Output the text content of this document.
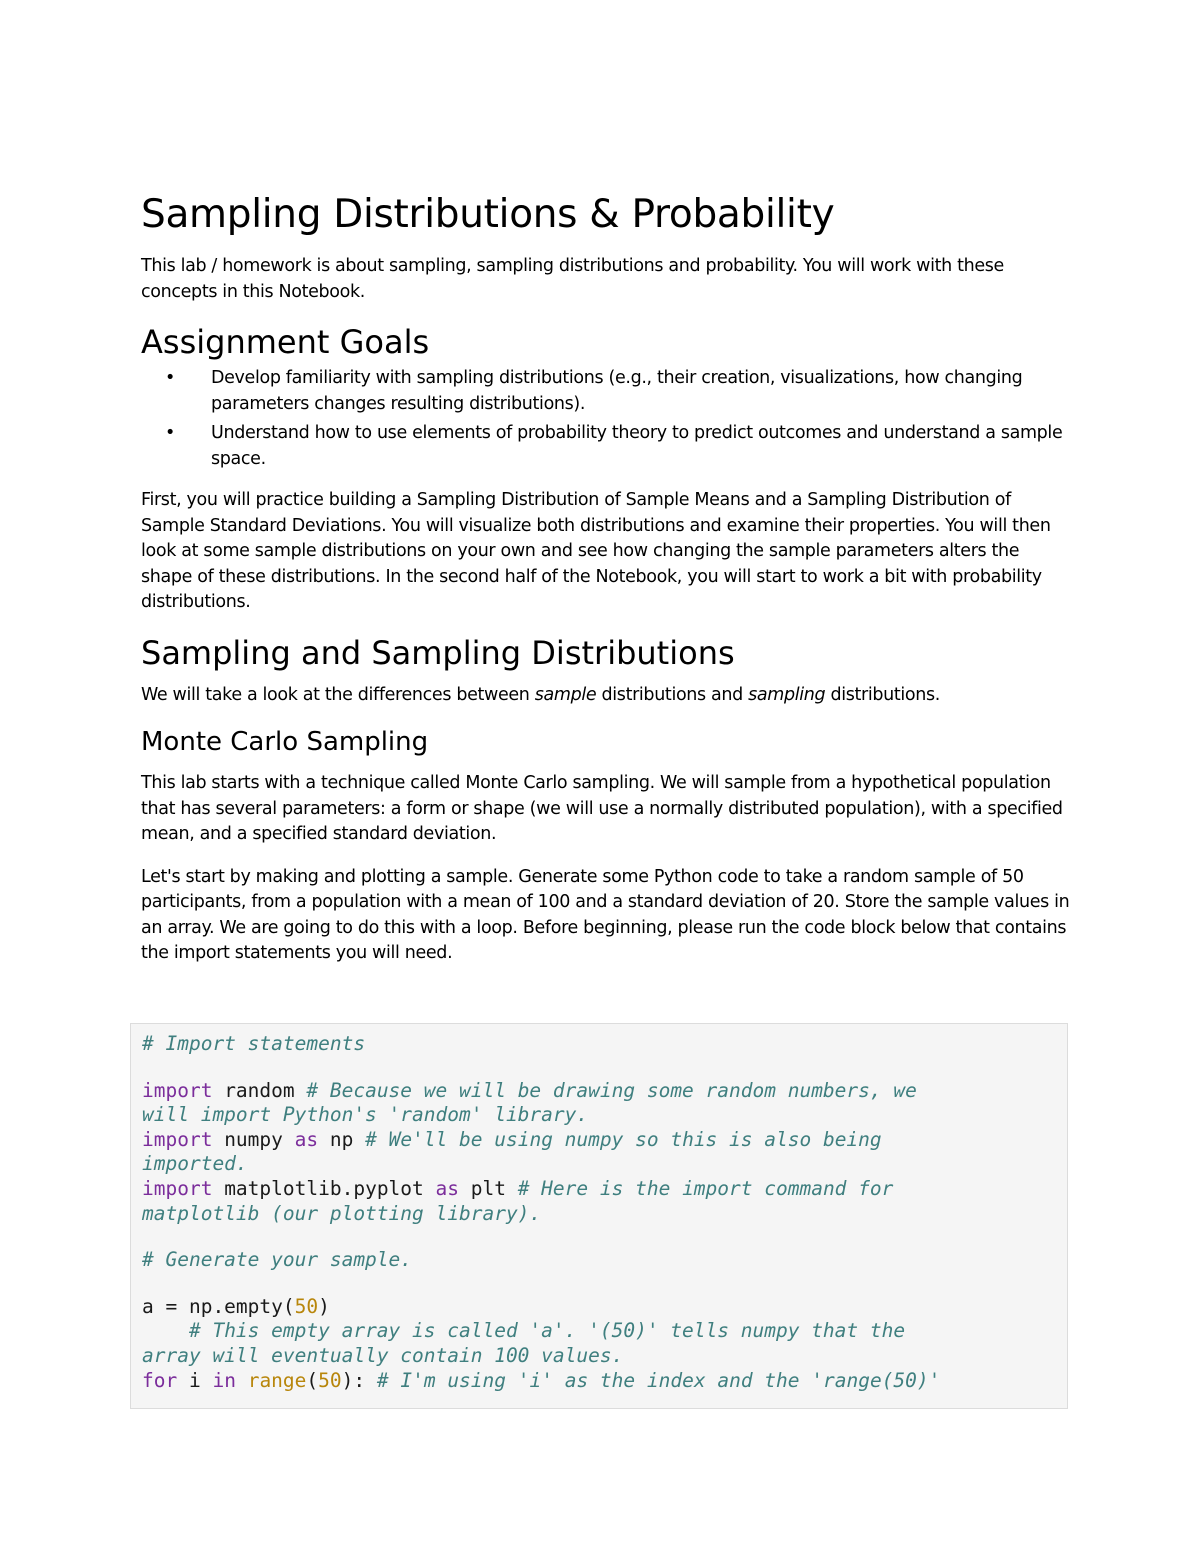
Sampling Distributions & Probability

This lab / homework is about sampling, sampling distributions and probability. You will work with these concepts in this Notebook.

Assignment Goals
• Develop familiarity with sampling distributions (e.g., their creation, visualizations, how changing parameters changes resulting distributions).
• Understand how to use elements of probability theory to predict outcomes and understand a sample space.

First, you will practice building a Sampling Distribution of Sample Means and a Sampling Distribution of Sample Standard Deviations. You will visualize both distributions and examine their properties. You will then look at some sample distributions on your own and see how changing the sample parameters alters the shape of these distributions. In the second half of the Notebook, you will start to work a bit with probability distributions.

Sampling and Sampling Distributions

We will take a look at the differences between sample distributions and sampling distributions.

Monte Carlo Sampling

This lab starts with a technique called Monte Carlo sampling. We will sample from a hypothetical population that has several parameters: a form or shape (we will use a normally distributed population), with a specified mean, and a specified standard deviation.

Let's start by making and plotting a sample. Generate some Python code to take a random sample of 50 participants, from a population with a mean of 100 and a standard deviation of 20. Store the sample values in an array. We are going to do this with a loop. Before beginning, please run the code block below that contains the import statements you will need.

# Import statements
import random # Because we will be drawing some random numbers, we
will import Python's 'random' library.
import numpy as np # We'll be using numpy so this is also being
imported.
import matplotlib.pyplot as plt # Here is the import command for
matplotlib (our plotting library).
# Generate your sample.
a = np.empty(50)
# This empty array is called 'a'. '(50)' tells numpy that the
array will eventually contain 100 values.
for i in range(50): # I'm using 'i' as the index and the 'range(50)'
